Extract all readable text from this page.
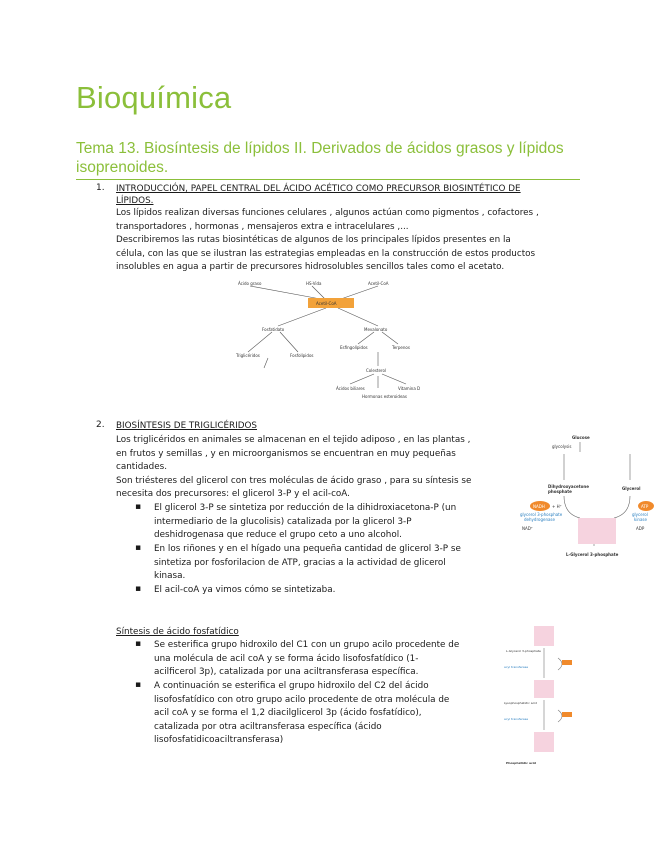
Bioquímica
Tema 13. Biosíntesis de lípidos II. Derivados de ácidos grasos y lípidos isoprenoides.
1. INTRODUCCIÓN, PAPEL CENTRAL DEL ÁCIDO ACÉTICO COMO PRECURSOR BIOSINTÉTICO DE
LÍPIDOS.
Los lípidos realizan diversas funciones celulares , algunos actúan como pigmentos , cofactores ,
transportadores , hormonas , mensajeros extra e intracelulares ,...
Describiremos las rutas biosintéticas de algunos de los principales lípidos presentes en la
célula, con las que se ilustran las estrategias empleadas en la construcción de estos productos
insolubles en agua a partir de precursores hidrosolubles sencillos tales como el acetato.
Ácido graso	HS-Vida	Acetil-CoA
Acetil-CoA
Fosfatidato	Mevalonato
Triglicéridos	Fosfolípidos
Esfingolípidos	Terpenos
Colesterol
Ácidos biliares	Vitamina D
Hormonas esteroideas
2. BIOSÍNTESIS DE TRIGLICÉRIDOS
Los triglicéridos en animales se almacenan en el tejido adiposo , en las plantas ,
en frutos y semillas , y en microorganismos se encuentran en muy pequeñas
cantidades.
Son triésteres del glicerol con tres moléculas de ácido graso , para su síntesis se
necesita dos precursores: el glicerol 3-P y el acil-coA.
▪ El glicerol 3-P se sintetiza por reducción de la dihidroxiacetona-P (un
intermediario de la glucolisis) catalizada por la glicerol 3-P
deshidrogenasa que reduce el grupo ceto a uno alcohol.
▪ En los riñones y en el hígado una pequeña cantidad de glicerol 3-P se
sintetiza por fosforilacion de ATP, gracias a la actividad de glicerol
kinasa.
▪ El acil-coA ya vimos cómo se sintetizaba.
Glucose
glycolysis
Dihydroxyacetone
phosphate
Glycerol
NADH + H⁺
NAD⁺
glycerol 3-phosphate
dehydrogenase
ATP
glycerol
kinase
ADP
L-Glycerol 3-phosphate
Síntesis de ácido fosfatídico
▪ Se esterifica grupo hidroxilo del C1 con un grupo acilo procedente de
una molécula de acil coA y se forma ácido lisofosfatídico (1-
acilficerol 3p), catalizada por una aciltransferasa específica.
▪ A continuación se esterifica el grupo hidroxilo del C2 del ácido
lisofosfatídico con otro grupo acilo procedente de otra molécula de
acil coA y se forma el 1,2 diacilglicerol 3p (ácido fosfatídico),
catalizada por otra aciltransferasa específica (ácido
lisofosfatidicoaciltransferasa)
L-Glycerol 3-phosphate
acyl transferase
Lysophosphatidic acid
acyl transferase
Phosphatidic acid
